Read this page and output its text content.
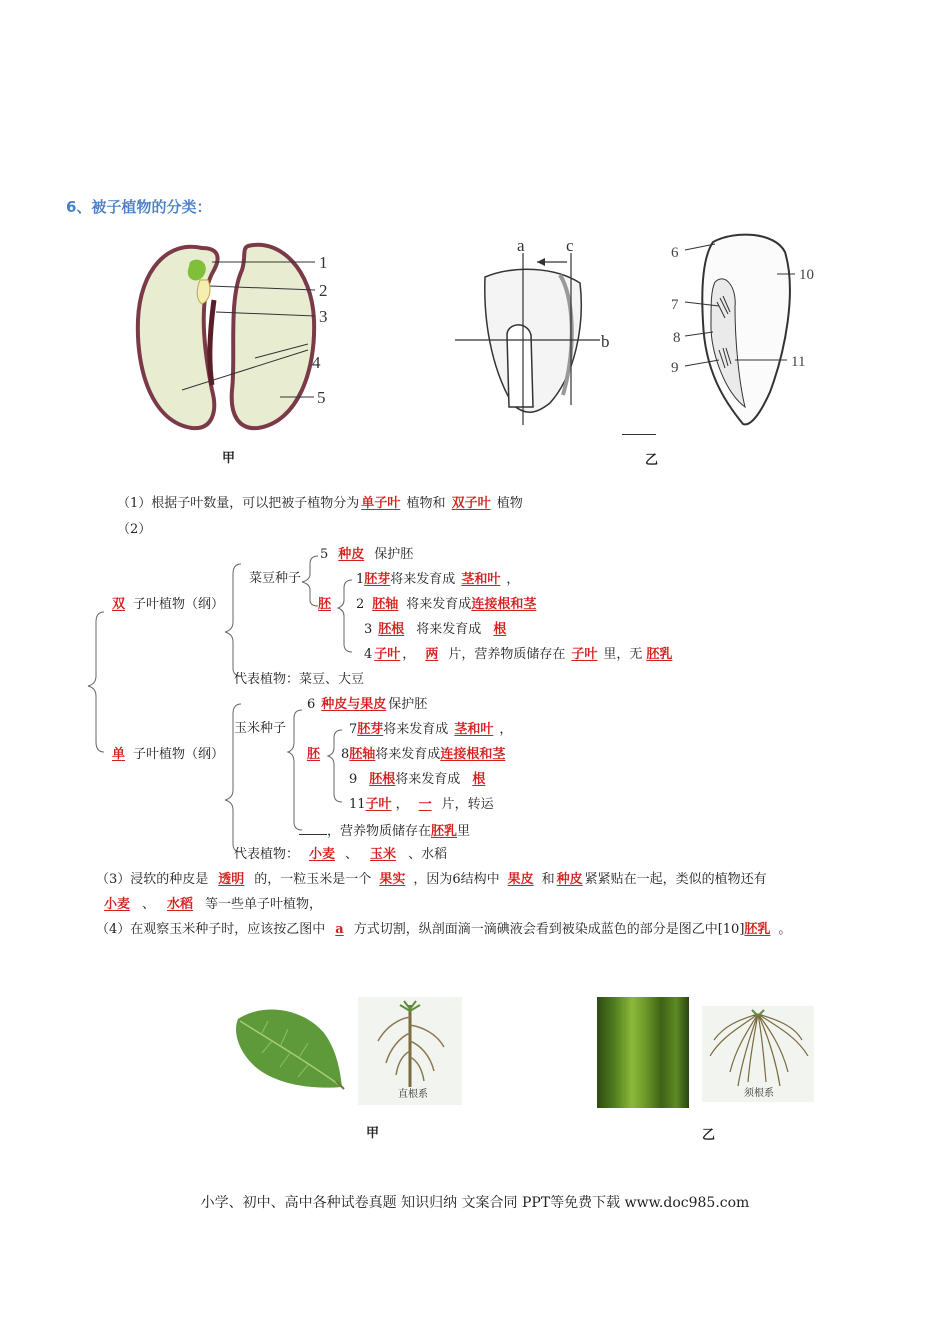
6、被子植物的分类：
1
2
3
4
5
a c
b
6
10
7
8
9	11
甲	乙
（1）根据子叶数量，可以把被子植物分为 单子叶 植物和 双子叶 植物
（2）
双 子叶植物（纲）
菜豆种子
5 种皮 保护胚
胚
1胚芽将来发育成 茎和叶 ，
2 胚轴 将来发育成连接根和茎
3 胚根 将来发育成 根
4 子叶 ， 两 片，营养物质储存在 子叶 里，无 胚乳
代表植物：菜豆、大豆
6 种皮与果皮 保护胚
玉米种子
单 子叶植物（纲）	胚
7胚芽将来发育成 茎和叶 ，
8胚轴将来发育成连接根和茎
9 胚根将来发育成 根
11子叶 ， 一 片，转运
，营养物质储存在胚乳里
代表植物： 小麦 、 玉米 、水稻
（3）浸软的种皮是 透明 的，一粒玉米是一个 果实 ，因为6结构中 果皮 和 种皮 紧紧贴在一起，类似的植物还有
小麦 、 水稻 等一些单子叶植物，
（4）在观察玉米种子时，应该按乙图中 a 方式切割，纵剖面滴一滴碘液会看到被染成蓝色的部分是图乙中[10]胚乳 。
直根系	须根系
甲	乙
小学、初中、高中各种试卷真题 知识归纳 文案合同 PPT等免费下载 www.doc985.com
